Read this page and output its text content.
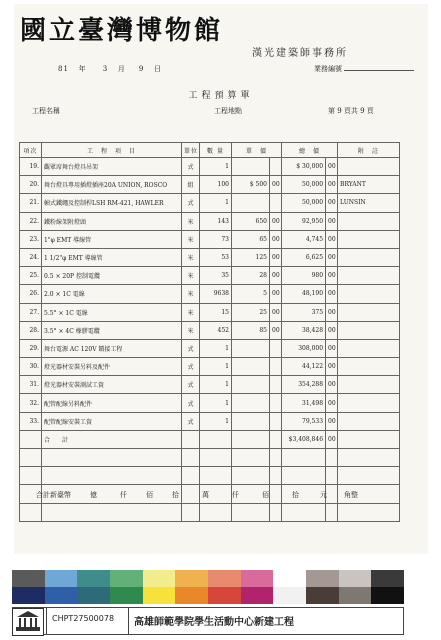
國立臺灣博物館
漢光建築師事務所
81 年 3 月 9 日	業務編號
工程預算單
工程名稱	工程地點	第 9 頁共 9 頁
項次	工　程　項　目	單位	數 量	單　價		總　價		附　註
19.	觀眾席舞台燈具吊架	式	1			$ 30,000	00	
20.	舞台燈具專用插燈插座20A UNION, ROSCO	組	100	$ 500	00	50,000	00	BRYANT
21.	幀式鐵繩及控制桿LSH RM-421, HAWLER	式	1			50,000	00	LUNSIN
22.	鐵粉線架附燈頭	米	143	650	00	92,950	00	
23.	1"φ EMT 導線管	米	73	65	00	4,745	00	
24.	1 1/2"φ EMT 導線管	米	53	125	00	6,625	00	
25.	0.5 × 20P 控制電纜	米	35	28	00	980	00	
26.	2.0 × 1C 電線	米	9638	5	00	48,190	00	
27.	5.5° × 1C 電線	米	15	25	00	375	00	
28.	3.5° × 4C 橡膠電纜	米	452	85	00	38,428	00	
29.	舞台電源 AC 120V 饋接工程	式	1			308,000	00	
30.	燈光器材安裝另料及配件	式	1			44,122	00	
31.	燈光器材安裝測試工資	式	1			354,288	00	
32.	配管配線另料配件	式	1			31,498	00	
33.	配管配線安裝工資	式	1			79,533	00	
	合　　計					$3,408,846	00	

合計新臺幣	億	仟	佰	拾	萬	仟	佰	拾	元 角整
CHPT27500078 高雄師範學院學生活動中心新建工程
